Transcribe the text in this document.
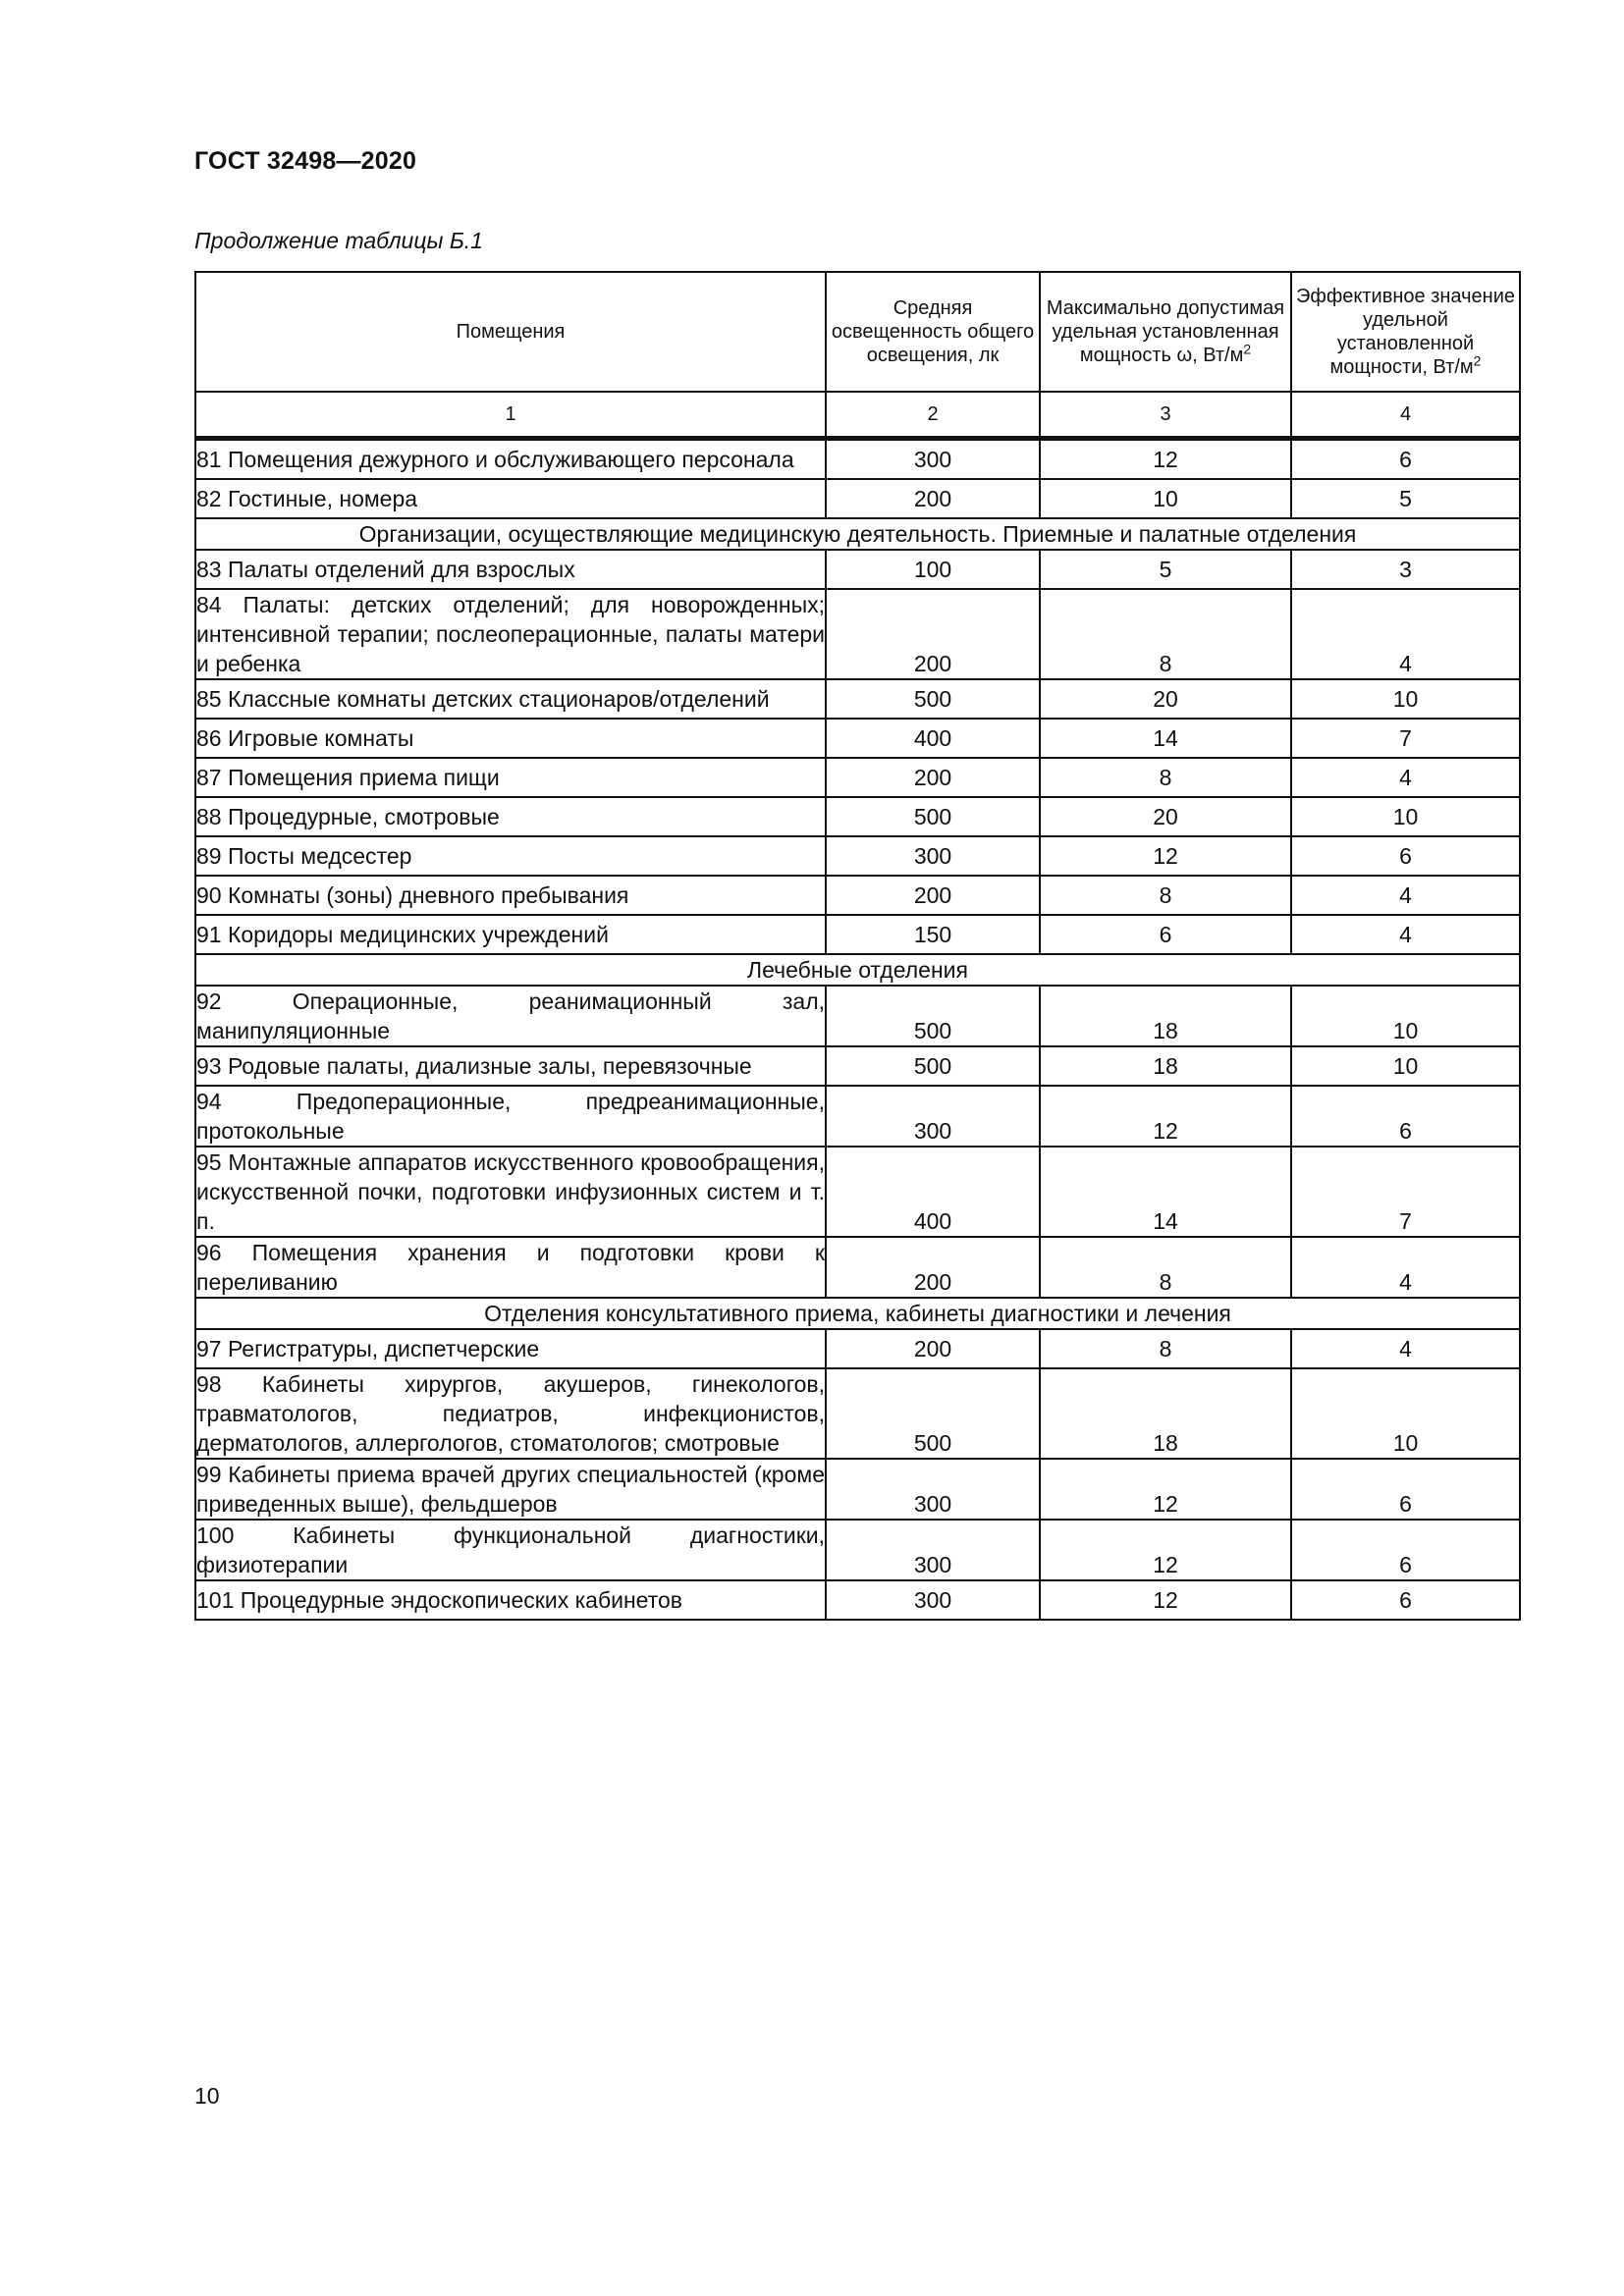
ГОСТ 32498—2020
Продолжение таблицы Б.1
Помещения	Средняя освещенность общего освещения, лк	Максимально допустимая удельная установленная мощность ω, $Вт/м^2$	Эффективное значение удельной установленной мощности, $Вт/м^2$
1	2	3	4
81 Помещения дежурного и обслуживающего персонала	300	12	6
82 Гостиные, номера	200	10	5
Организации, осуществляющие медицинскую деятельность. Приемные и палатные отделения			
83 Палаты отделений для взрослых	100	5	3
84 Палаты: детских отделений; для новорожденных; интенсивной терапии; послеоперационные, палаты матери и ребенка	200	8	4
85 Классные комнаты детских стационаров/отделений	500	20	10
86 Игровые комнаты	400	14	7
87 Помещения приема пищи	200	8	4
88 Процедурные, смотровые	500	20	10
89 Посты медсестер	300	12	6
90 Комнаты (зоны) дневного пребывания	200	8	4
91 Коридоры медицинских учреждений	150	6	4
Лечебные отделения			
92 Операционные, реанимационный зал, манипуляционные	500	18	10
93 Родовые палаты, диализные залы, перевязочные	500	18	10
94 Предоперационные, предреанимационные, протокольные	300	12	6
95 Монтажные аппаратов искусственного кровообращения, искусственной почки, подготовки инфузионных систем и т. п.	400	14	7
96 Помещения хранения и подготовки крови к переливанию	200	8	4
Отделения консультативного приема, кабинеты диагностики и лечения			
97 Регистратуры, диспетчерские	200	8	4
98 Кабинеты хирургов, акушеров, гинекологов, травматологов, педиатров, инфекционистов, дерматологов, аллергологов, стоматологов; смотровые	500	18	10
99 Кабинеты приема врачей других специальностей (кроме приведенных выше), фельдшеров	300	12	6
100 Кабинеты функциональной диагностики, физиотерапии	300	12	6
101 Процедурные эндоскопических кабинетов	300	12	6
10
